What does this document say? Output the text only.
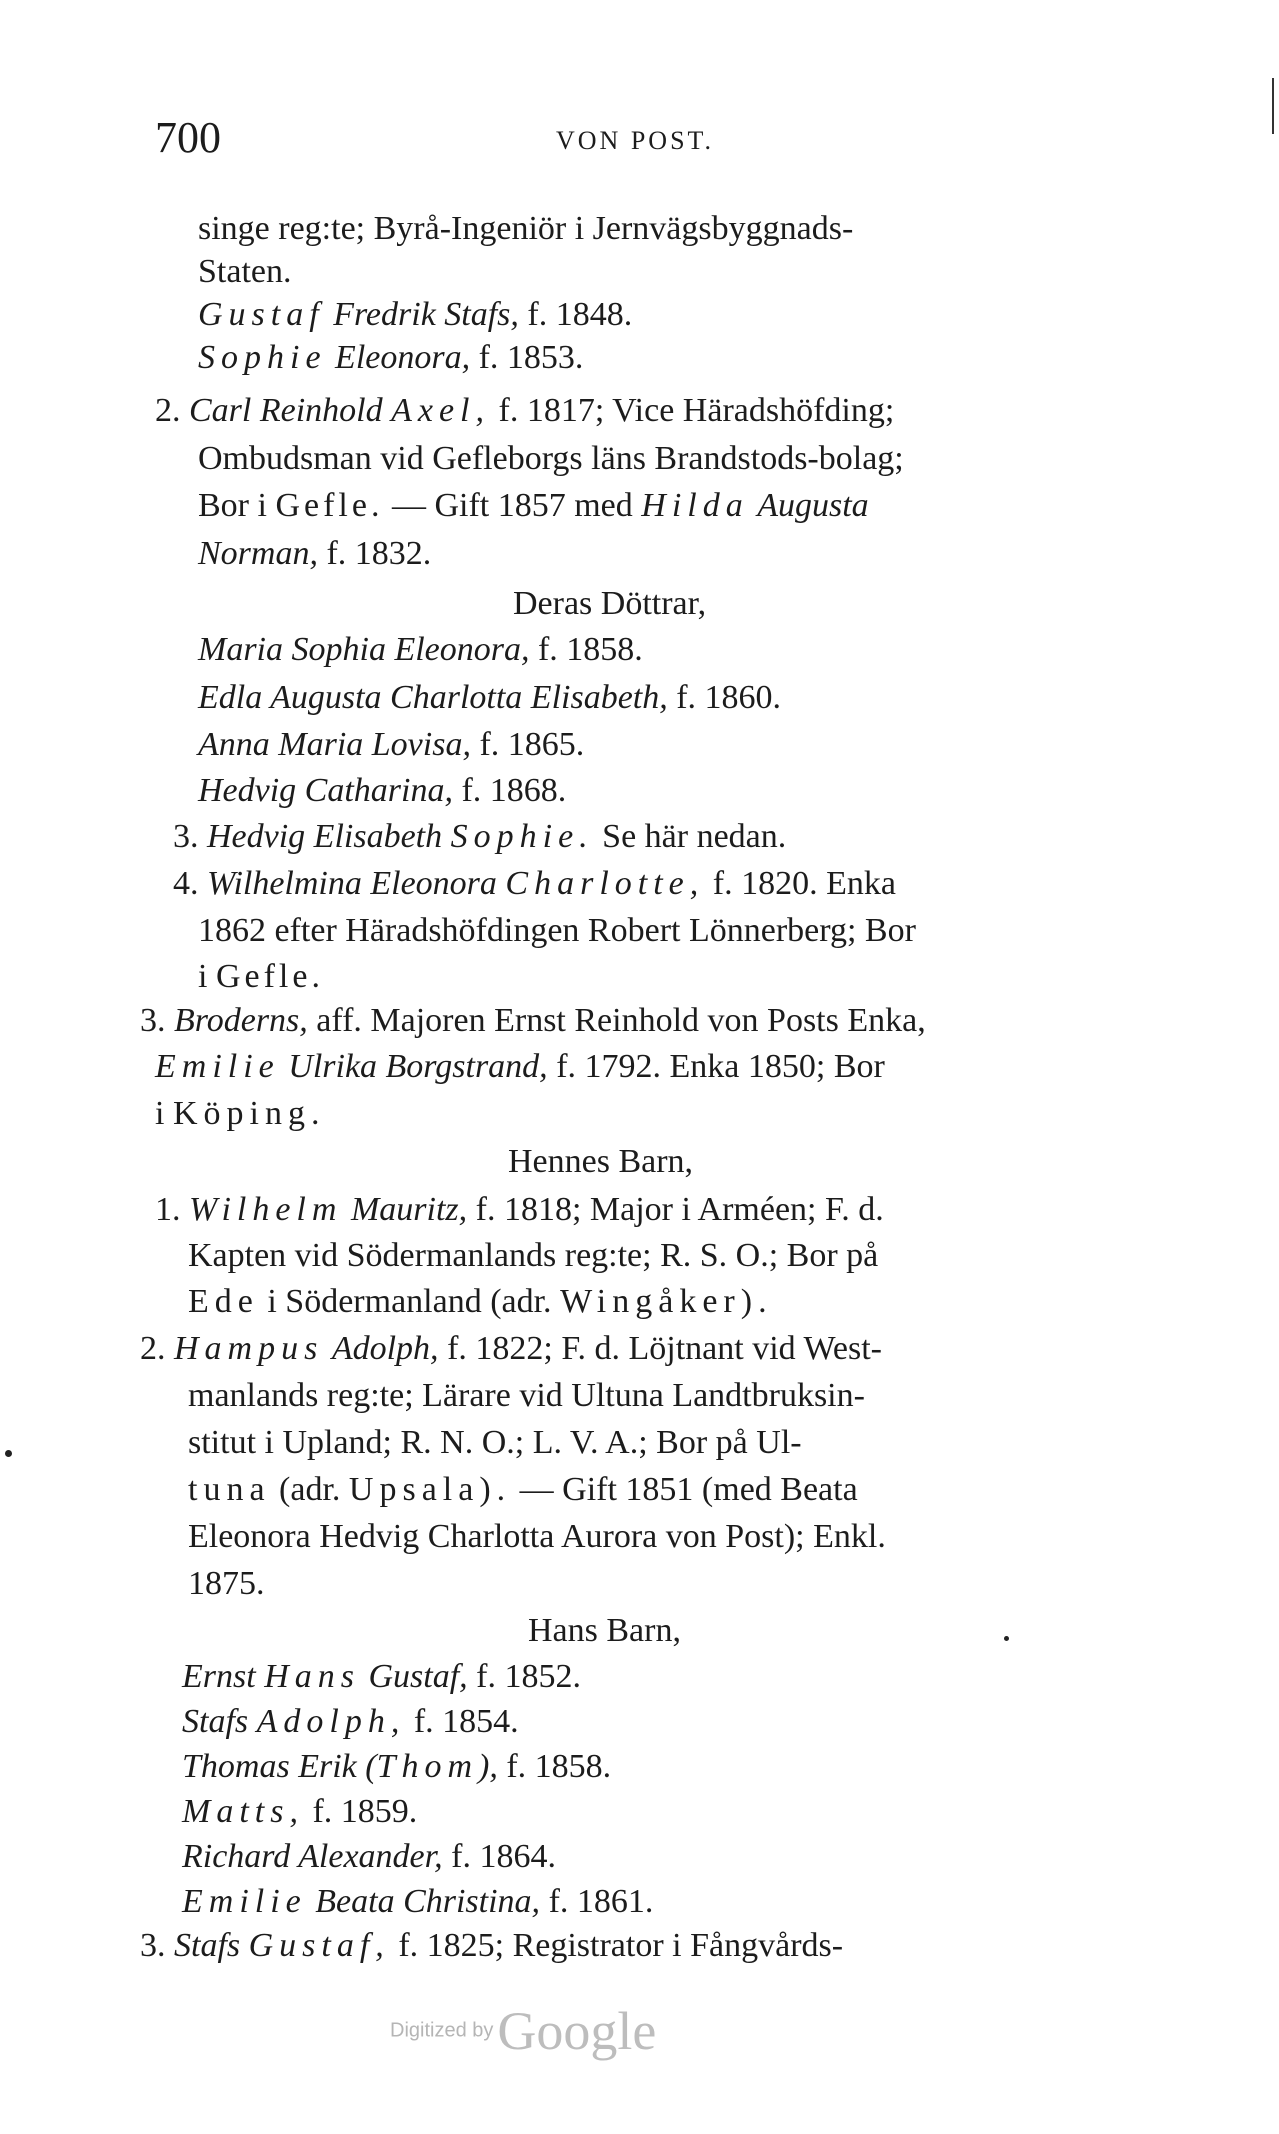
700	VON POST.
singe reg:te; Byrå-Ingeniör i Jernvägsbyggnads-
Staten.
Gustaf Fredrik Stafs, f. 1848.
Sophie Eleonora, f. 1853.
2. Carl Reinhold Axel, f. 1817; Vice Häradshöfding;
Ombudsman vid Gefleborgs läns Brandstods-bolag;
Bor i Gefle. — Gift 1857 med Hilda Augusta
Norman, f. 1832.
Deras Döttrar,
Maria Sophia Eleonora, f. 1858.
Edla Augusta Charlotta Elisabeth, f. 1860.
Anna Maria Lovisa, f. 1865.
Hedvig Catharina, f. 1868.
3. Hedvig Elisabeth Sophie. Se här nedan.
4. Wilhelmina Eleonora Charlotte, f. 1820. Enka
1862 efter Häradshöfdingen Robert Lönnerberg; Bor
i Gefle.
3. Broderns, aff. Majoren Ernst Reinhold von Posts Enka,
Emilie Ulrika Borgstrand, f. 1792. Enka 1850; Bor
i Köping.
Hennes Barn,
1. Wilhelm Mauritz, f. 1818; Major i Arméen; F. d.
Kapten vid Södermanlands reg:te; R. S. O.; Bor på
Ede i Södermanland (adr. Wingåker).
2. Hampus Adolph, f. 1822; F. d. Löjtnant vid West-
manlands reg:te; Lärare vid Ultuna Landtbruksin-
stitut i Upland; R. N. O.; L. V. A.; Bor på Ul-
tuna (adr. Upsala). — Gift 1851 (med Beata
Eleonora Hedvig Charlotta Aurora von Post); Enkl.
1875.
Hans Barn,
Ernst Hans Gustaf, f. 1852.
Stafs Adolph, f. 1854.
Thomas Erik (Thom), f. 1858.
Matts, f. 1859.
Richard Alexander, f. 1864.
Emilie Beata Christina, f. 1861.
3. Stafs Gustaf, f. 1825; Registrator i Fångvårds-
Digitized byGoogle
